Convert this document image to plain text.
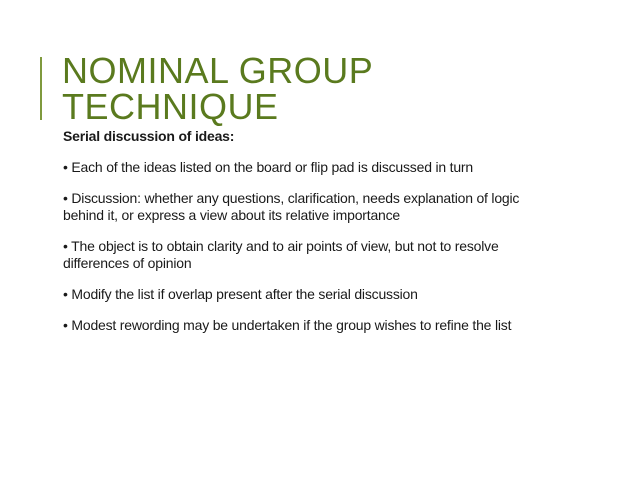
NOMINAL GROUP
TECHNIQUE

Serial discussion of ideas:

• Each of the ideas listed on the board or flip pad is discussed in turn
• Discussion: whether any questions, clarification, needs explanation of logic behind it, or express a view about its relative importance
• The object is to obtain clarity and to air points of view, but not to resolve differences of opinion
• Modify the list if overlap present after the serial discussion
• Modest rewording may be undertaken if the group wishes to refine the list
